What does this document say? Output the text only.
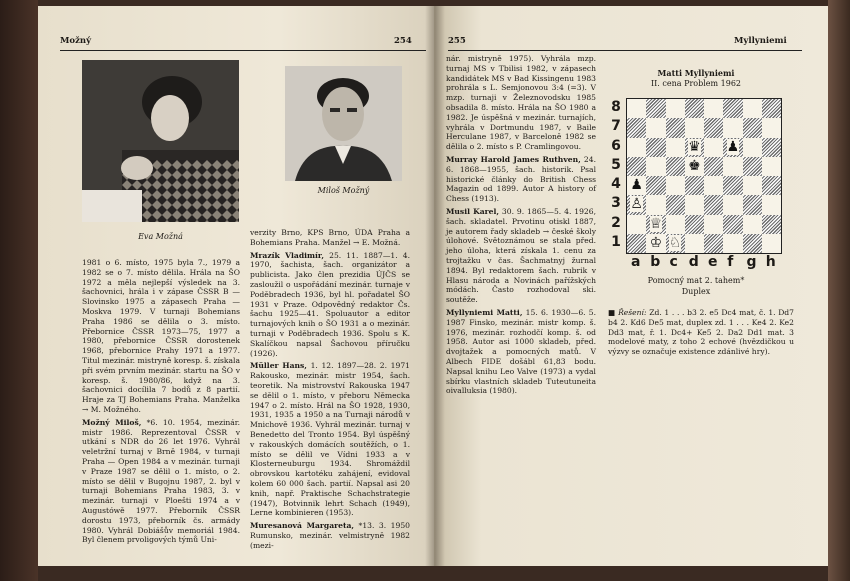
Možný	254
Eva Možná
Miloš Možný

1981 o 6. místo, 1975 byla 7., 1979 a 1982 se o 7. místo dělila. Hrála na ŠO 1972 a měla nejlepší výsledek na 3. šachovnici, hrála i v zápase ČSSR B — Slovinsko 1975 a zápasech Praha — Moskva 1979. V turnaji Bohemians Praha 1986 se dělila o 3. místo. Přebornice ČSSR 1973—75, 1977 a 1980, přebornice ČSSR dorostenek 1968, přebornice Prahy 1971 a 1977. Titul mezinár. mistryně koresp. š. získala při svém prvním mezinár. startu na ŠO v koresp. š. 1980/86, když na 3. šachovnici docílila 7 bodů z 8 partií. Hraje za TJ Bohemians Praha. Manželka → M. Možného.

Možný Miloš, *6. 10. 1954, mezinár. mistr 1986. Reprezentoval ČSSR v utkání s NDR do 26 let 1976. Vyhrál veletržní turnaj v Brně 1984, v turnaji Praha — Open 1984 a v mezinár. turnaji v Praze 1987 se dělil o 1. místo, o 2. místo se dělil v Bugojnu 1987, 2. byl v turnaji Bohemians Praha 1983, 3. v mezinár. turnaji v Ploešti 1974 a v Augustówě 1977. Přeborník ČSSR dorostu 1973, přeborník čs. armády 1980. Vyhrál Dobiášův memoriál 1984. Byl členem prvoligových týmů Uni-

verzity Brno, KPS Brno, ÚDA Praha a Bohemians Praha. Manžel → E. Možná.

Mrazík Vladimír, 25. 11. 1887—1. 4. 1970, šachista, šach. organizátor a publicista. Jako člen prezidia ÚJČS se zasloužil o uspořádání mezinár. turnaje v Poděbradech 1936, byl hl. pořadatel ŠO 1931 v Praze. Odpovědný redaktor Čs. šachu 1925—41. Spoluautor a editor turnajových knih o ŠO 1931 a o mezinár. turnaji v Poděbradech 1936. Spolu s K. Skalíčkou napsal Šachovou příručku (1926).

Müller Hans, 1. 12. 1897—28. 2. 1971 Rakousko, mezinár. mistr 1954, šach. teoretik. Na mistrovství Rakouska 1947 se dělil o 1. místo, v přeboru Německa 1947 o 2. místo. Hrál na ŠO 1928, 1930, 1931, 1935 a 1950 a na Turnaji národů v Mnichově 1936. Vyhrál mezinár. turnaj v Benedetto del Tronto 1954. Byl úspěšný v rakouských domácích soutěžích, o 1. místo se dělil ve Vídni 1933 a v Klosterneuburgu 1934. Shromáždil obrovskou kartotéku zahájení, evidoval kolem 60 000 šach. partií. Napsal asi 20 knih, např. Praktische Schachstrategie (1947), Botvinnik lehrt Schach (1949), Lerne kombinieren (1953).

Muresanová Margareta, *13. 3. 1950 Rumunsko, mezinár. velmistryně 1982 (mezi-

255	Myllyniemi

nár. mistryně 1975). Vyhrála mzp. turnaj MS v Tbilisi 1982, v zápasech kandidátek MS v Bad Kissingenu 1983 prohrála s L. Semjonovou 3:4 (=3). V mzp. turnaji v Železnovodsku 1985 obsadila 8. místo. Hrála na ŠO 1980 a 1982. Je úspěšná v mezinár. turnajích, vyhrála v Dortmundu 1987, v Baile Herculane 1987, v Barceloně 1982 se dělila o 2. místo s P. Cramlingovou.

Murray Harold James Ruthven, 24. 6. 1868—1955, šach. historik. Psal historické články do British Chess Magazin od 1899. Autor A history of Chess (1913).

Musil Karel, 30. 9. 1865—5. 4. 1926, šach. skladatel. Prvotinu otiskl 1887, je autorem řady skladeb → české školy úlohové. Světoznámou se stala před. jeho úloha, která získala 1. cenu za trojtažku v čas. Šachmatnyj žurnal 1894. Byl redaktorem šach. rubrik v Hlasu národa a Novinách pařížských módách. Často rozhodoval ski. soutěže.

Myllyniemi Matti, 15. 6. 1930—6. 5. 1987 Finsko, mezinár. mistr komp. š. 1976, mezinár. rozhodčí komp. š. od 1958. Autor asi 1000 skladeb, před. dvojtažek a pomocných matů. V Albech FIDE došábl 61,83 bodu. Napsal knihu Leo Valve (1973) a vydal sbírku vlastních skladeb Tuteutuneita oivalluksia (1980).

Matti Myllyniemi
II. cena Problem 1962
8
7
6
5
4
3
2
1
♛ ♟
♚
♟
♙
♕
♔ ♘
a b c d e f g h
Pomocný mat 2. tahem*
Duplex

■ Řešení: Zd. 1 . . . b3 2. e5 Dc4 mat, č. 1. Dd7 b4 2. Kd6 De5 mat, duplex zd. 1 . . . Ke4 2. Ke2 Dd3 mat, ř. 1. Dc4+ Ke5 2. Da2 Dd1 mat. 3 modelové maty, z toho 2 echové (hvězdičkou u výzvy se označuje existence zdánlivé hry).
